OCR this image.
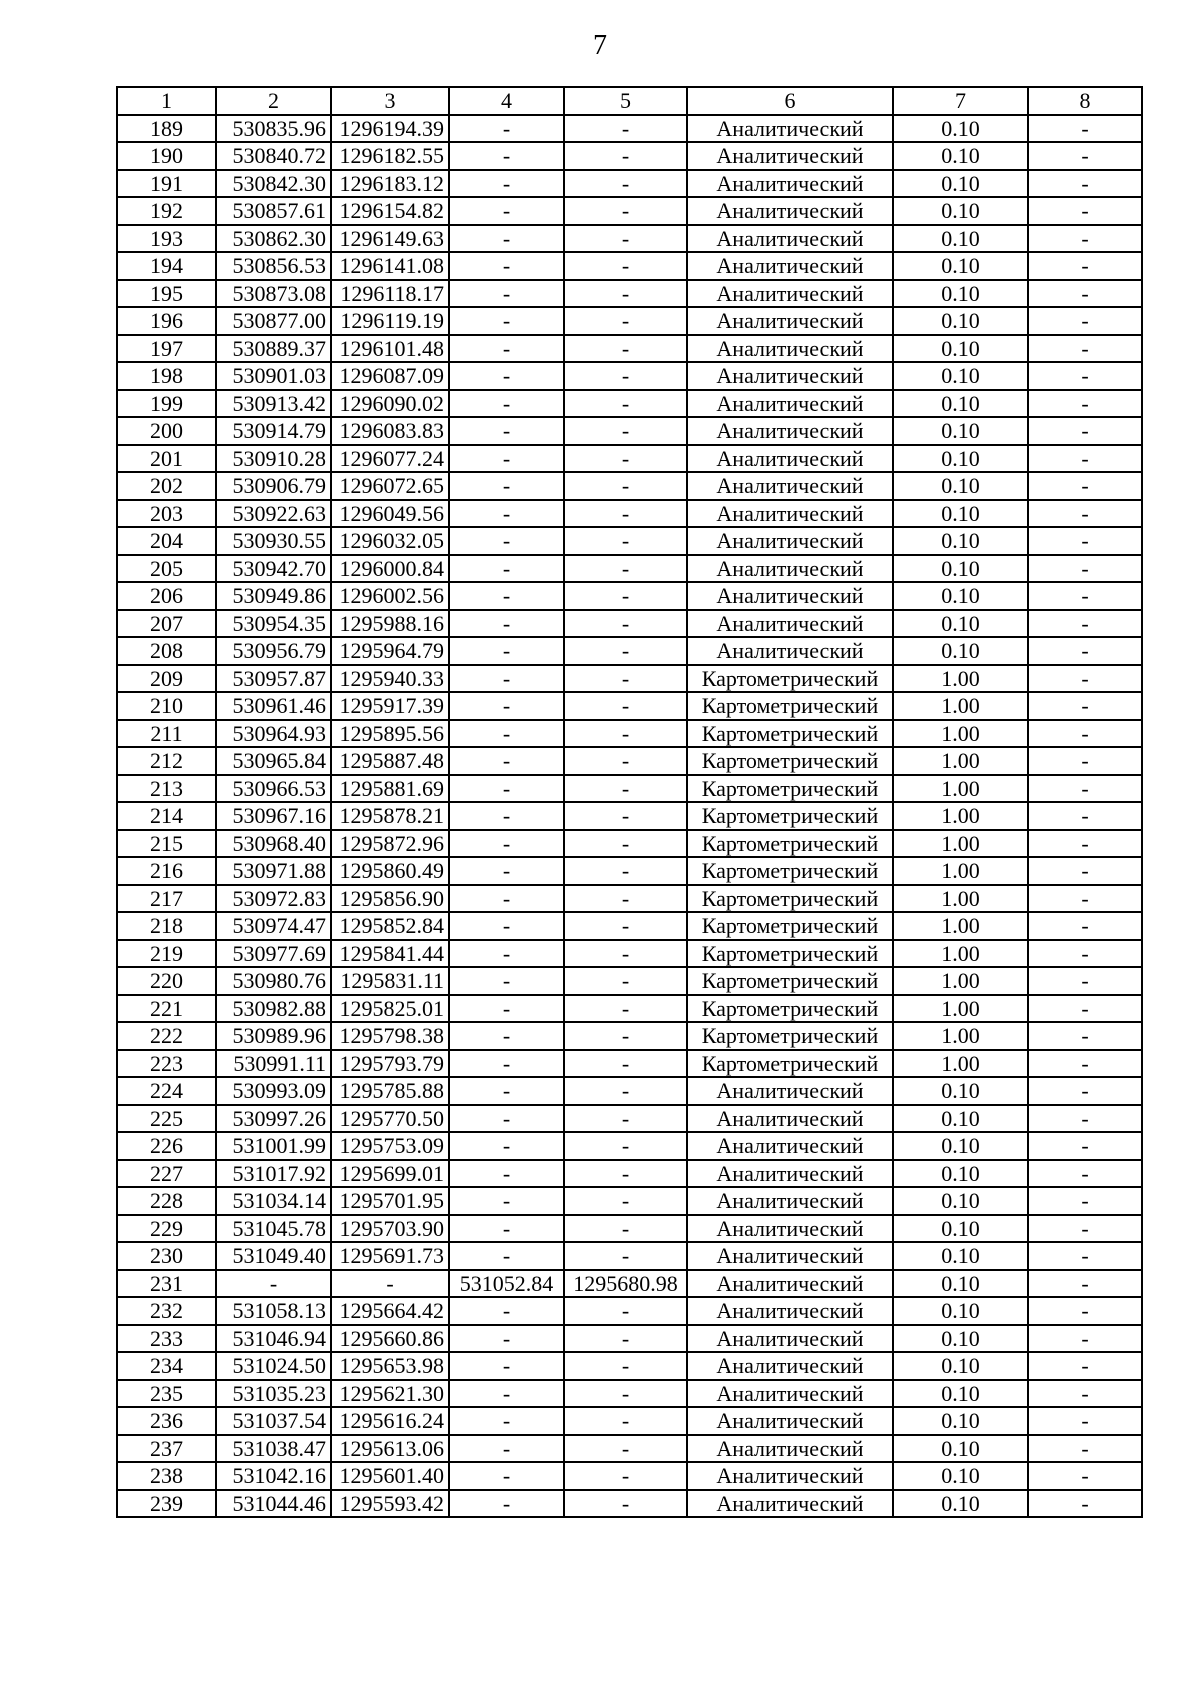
7
1	2	3	4	5	6	7	8
189	530835.96	1296194.39	-	-	Аналитический	0.10	-
190	530840.72	1296182.55	-	-	Аналитический	0.10	-
191	530842.30	1296183.12	-	-	Аналитический	0.10	-
192	530857.61	1296154.82	-	-	Аналитический	0.10	-
193	530862.30	1296149.63	-	-	Аналитический	0.10	-
194	530856.53	1296141.08	-	-	Аналитический	0.10	-
195	530873.08	1296118.17	-	-	Аналитический	0.10	-
196	530877.00	1296119.19	-	-	Аналитический	0.10	-
197	530889.37	1296101.48	-	-	Аналитический	0.10	-
198	530901.03	1296087.09	-	-	Аналитический	0.10	-
199	530913.42	1296090.02	-	-	Аналитический	0.10	-
200	530914.79	1296083.83	-	-	Аналитический	0.10	-
201	530910.28	1296077.24	-	-	Аналитический	0.10	-
202	530906.79	1296072.65	-	-	Аналитический	0.10	-
203	530922.63	1296049.56	-	-	Аналитический	0.10	-
204	530930.55	1296032.05	-	-	Аналитический	0.10	-
205	530942.70	1296000.84	-	-	Аналитический	0.10	-
206	530949.86	1296002.56	-	-	Аналитический	0.10	-
207	530954.35	1295988.16	-	-	Аналитический	0.10	-
208	530956.79	1295964.79	-	-	Аналитический	0.10	-
209	530957.87	1295940.33	-	-	Картометрический	1.00	-
210	530961.46	1295917.39	-	-	Картометрический	1.00	-
211	530964.93	1295895.56	-	-	Картометрический	1.00	-
212	530965.84	1295887.48	-	-	Картометрический	1.00	-
213	530966.53	1295881.69	-	-	Картометрический	1.00	-
214	530967.16	1295878.21	-	-	Картометрический	1.00	-
215	530968.40	1295872.96	-	-	Картометрический	1.00	-
216	530971.88	1295860.49	-	-	Картометрический	1.00	-
217	530972.83	1295856.90	-	-	Картометрический	1.00	-
218	530974.47	1295852.84	-	-	Картометрический	1.00	-
219	530977.69	1295841.44	-	-	Картометрический	1.00	-
220	530980.76	1295831.11	-	-	Картометрический	1.00	-
221	530982.88	1295825.01	-	-	Картометрический	1.00	-
222	530989.96	1295798.38	-	-	Картометрический	1.00	-
223	530991.11	1295793.79	-	-	Картометрический	1.00	-
224	530993.09	1295785.88	-	-	Аналитический	0.10	-
225	530997.26	1295770.50	-	-	Аналитический	0.10	-
226	531001.99	1295753.09	-	-	Аналитический	0.10	-
227	531017.92	1295699.01	-	-	Аналитический	0.10	-
228	531034.14	1295701.95	-	-	Аналитический	0.10	-
229	531045.78	1295703.90	-	-	Аналитический	0.10	-
230	531049.40	1295691.73	-	-	Аналитический	0.10	-
231	-	-	531052.84	1295680.98	Аналитический	0.10	-
232	531058.13	1295664.42	-	-	Аналитический	0.10	-
233	531046.94	1295660.86	-	-	Аналитический	0.10	-
234	531024.50	1295653.98	-	-	Аналитический	0.10	-
235	531035.23	1295621.30	-	-	Аналитический	0.10	-
236	531037.54	1295616.24	-	-	Аналитический	0.10	-
237	531038.47	1295613.06	-	-	Аналитический	0.10	-
238	531042.16	1295601.40	-	-	Аналитический	0.10	-
239	531044.46	1295593.42	-	-	Аналитический	0.10	-
